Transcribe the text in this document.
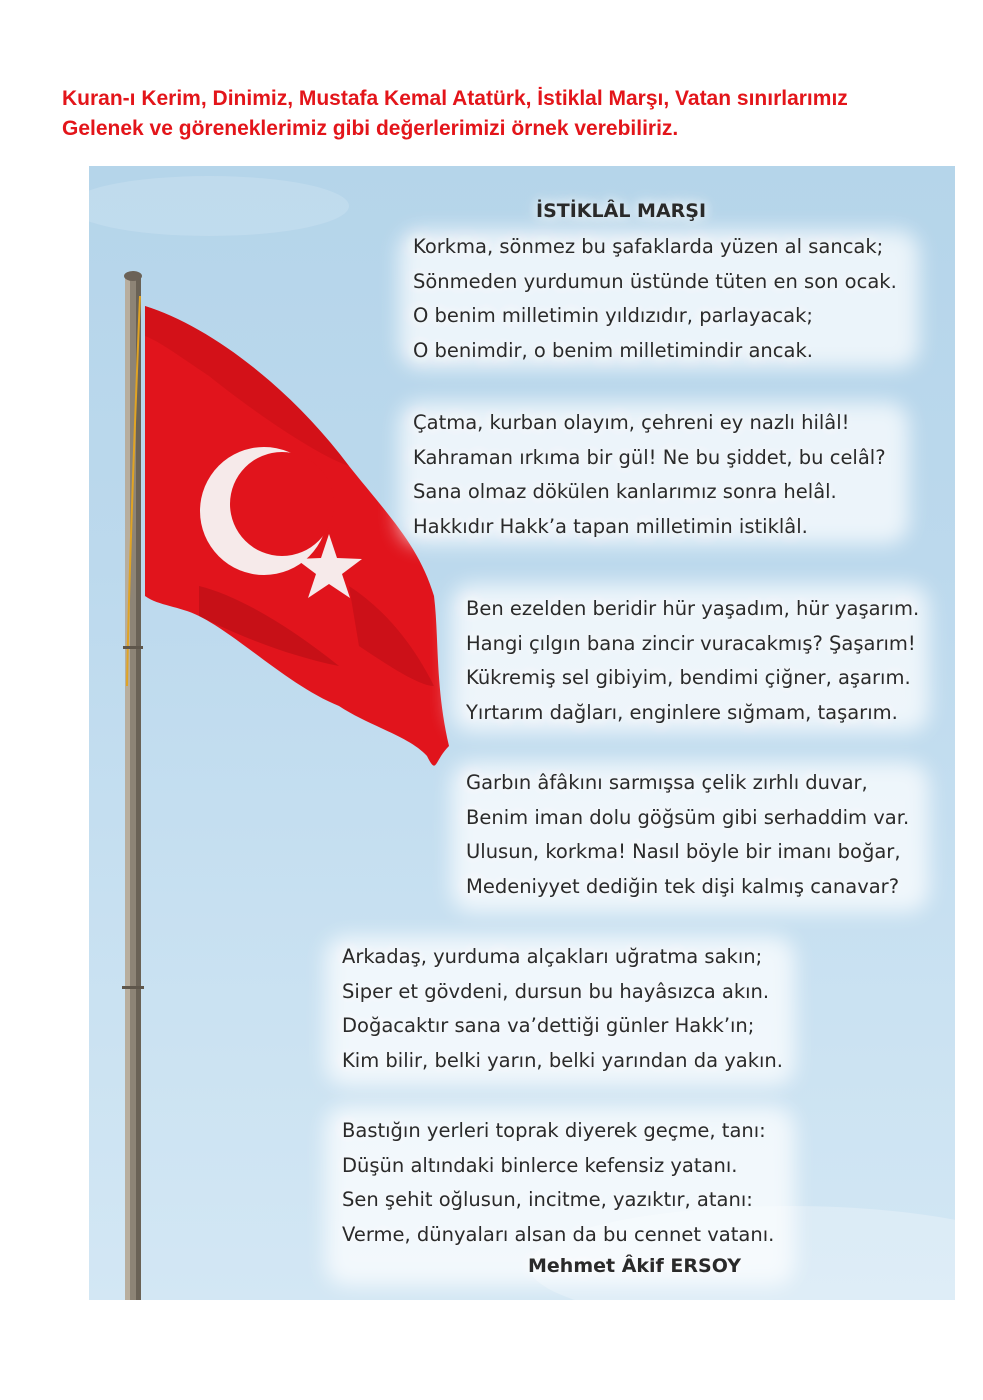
Kuran-ı Kerim, Dinimiz, Mustafa Kemal Atatürk, İstiklal Marşı, Vatan sınırlarımız
Gelenek ve göreneklerimiz gibi değerlerimizi örnek verebiliriz.
İSTİKLÂL MARŞI
Korkma, sönmez bu şafaklarda yüzen al sancak;
Sönmeden yurdumun üstünde tüten en son ocak.
O benim milletimin yıldızıdır, parlayacak;
O benimdir, o benim milletimindir ancak.
Çatma, kurban olayım, çehreni ey nazlı hilâl!
Kahraman ırkıma bir gül! Ne bu şiddet, bu celâl?
Sana olmaz dökülen kanlarımız sonra helâl.
Hakkıdır Hakk’a tapan milletimin istiklâl.
Ben ezelden beridir hür yaşadım, hür yaşarım.
Hangi çılgın bana zincir vuracakmış? Şaşarım!
Kükremiş sel gibiyim, bendimi çiğner, aşarım.
Yırtarım dağları, enginlere sığmam, taşarım.
Garbın âfâkını sarmışsa çelik zırhlı duvar,
Benim iman dolu göğsüm gibi serhaddim var.
Ulusun, korkma! Nasıl böyle bir imanı boğar,
Medeniyyet dediğin tek dişi kalmış canavar?
Arkadaş, yurduma alçakları uğratma sakın;
Siper et gövdeni, dursun bu hayâsızca akın.
Doğacaktır sana va’dettiği günler Hakk’ın;
Kim bilir, belki yarın, belki yarından da yakın.
Bastığın yerleri toprak diyerek geçme, tanı:
Düşün altındaki binlerce kefensiz yatanı.
Sen şehit oğlusun, incitme, yazıktır, atanı:
Verme, dünyaları alsan da bu cennet vatanı.
Mehmet Âkif ERSOY
